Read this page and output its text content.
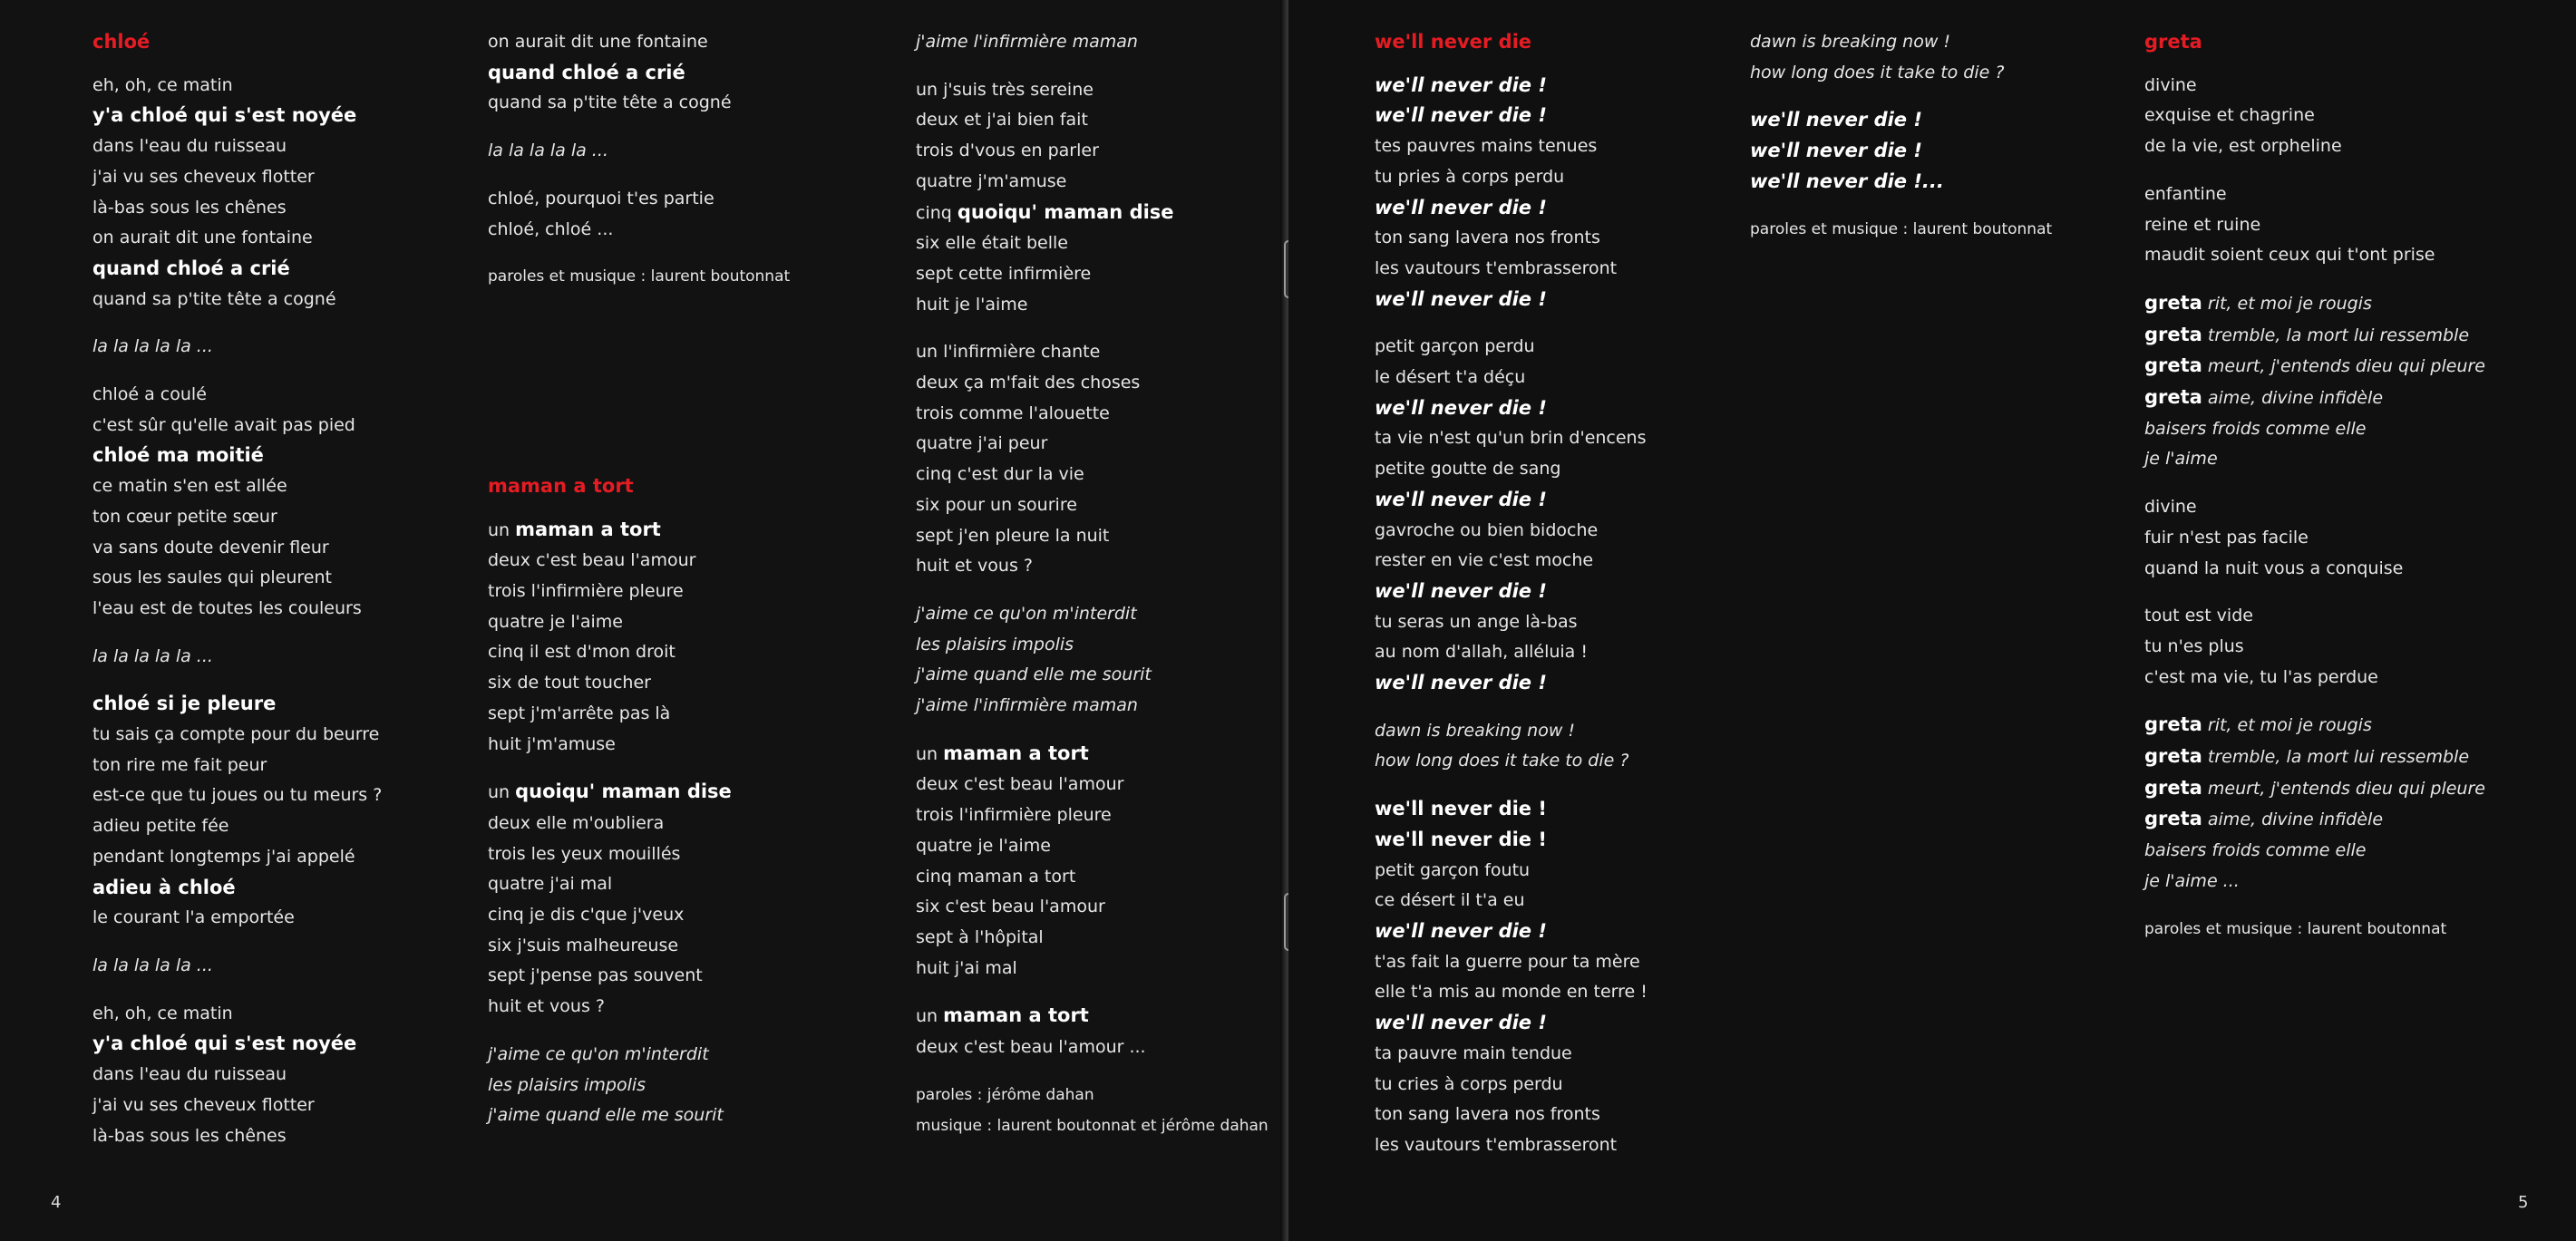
chloé
eh, oh, ce matin
y'a chloé qui s'est noyée
dans l'eau du ruisseau
j'ai vu ses cheveux flotter
là-bas sous les chênes
on aurait dit une fontaine
quand chloé a crié
quand sa p'tite tête a cogné
la la la la la ...
chloé a coulé
c'est sûr qu'elle avait pas pied
chloé ma moitié
ce matin s'en est allée
ton cœur petite sœur
va sans doute devenir fleur
sous les saules qui pleurent
l'eau est de toutes les couleurs
la la la la la ...
chloé si je pleure
tu sais ça compte pour du beurre
ton rire me fait peur
est-ce que tu joues ou tu meurs ?
adieu petite fée
pendant longtemps j'ai appelé
adieu à chloé
le courant l'a emportée
la la la la la ...
eh, oh, ce matin
y'a chloé qui s'est noyée
dans l'eau du ruisseau
j'ai vu ses cheveux flotter
là-bas sous les chênes
on aurait dit une fontaine
quand chloé a crié
quand sa p'tite tête a cogné
la la la la la ...
chloé, pourquoi t'es partie
chloé, chloé ...
paroles et musique : laurent boutonnat
maman a tort
un maman a tort
deux c'est beau l'amour
trois l'infirmière pleure
quatre je l'aime
cinq il est d'mon droit
six de tout toucher
sept j'm'arrête pas là
huit j'm'amuse
un quoiqu' maman dise
deux elle m'oubliera
trois les yeux mouillés
quatre j'ai mal
cinq je dis c'que j'veux
six j'suis malheureuse
sept j'pense pas souvent
huit et vous ?
j'aime ce qu'on m'interdit
les plaisirs impolis
j'aime quand elle me sourit
j'aime l'infirmière maman
un j'suis très sereine
deux et j'ai bien fait
trois d'vous en parler
quatre j'm'amuse
cinq quoiqu' maman dise
six elle était belle
sept cette infirmière
huit je l'aime
un l'infirmière chante
deux ça m'fait des choses
trois comme l'alouette
quatre j'ai peur
cinq c'est dur la vie
six pour un sourire
sept j'en pleure la nuit
huit et vous ?
j'aime ce qu'on m'interdit
les plaisirs impolis
j'aime quand elle me sourit
j'aime l'infirmière maman
un maman a tort
deux c'est beau l'amour
trois l'infirmière pleure
quatre je l'aime
cinq maman a tort
six c'est beau l'amour
sept à l'hôpital
huit j'ai mal
un maman a tort
deux c'est beau l'amour ...
paroles : jérôme dahan
musique : laurent boutonnat et jérôme dahan
4
we'll never die
we'll never die !
we'll never die !
tes pauvres mains tenues
tu pries à corps perdu
we'll never die !
ton sang lavera nos fronts
les vautours t'embrasseront
we'll never die !
petit garçon perdu
le désert t'a déçu
we'll never die !
ta vie n'est qu'un brin d'encens
petite goutte de sang
we'll never die !
gavroche ou bien bidoche
rester en vie c'est moche
we'll never die !
tu seras un ange là-bas
au nom d'allah, alléluia !
we'll never die !
dawn is breaking now !
how long does it take to die ?
we'll never die !
we'll never die !
petit garçon foutu
ce désert il t'a eu
we'll never die !
t'as fait la guerre pour ta mère
elle t'a mis au monde en terre !
we'll never die !
ta pauvre main tendue
tu cries à corps perdu
ton sang lavera nos fronts
les vautours t'embrasseront
dawn is breaking now !
how long does it take to die ?
we'll never die !
we'll never die !
we'll never die !...
paroles et musique : laurent boutonnat
greta
divine
exquise et chagrine
de la vie, est orpheline
enfantine
reine et ruine
maudit soient ceux qui t'ont prise
greta rit, et moi je rougis
greta tremble, la mort lui ressemble
greta meurt, j'entends dieu qui pleure
greta aime, divine infidèle
baisers froids comme elle
je l'aime
divine
fuir n'est pas facile
quand la nuit vous a conquise
tout est vide
tu n'es plus
c'est ma vie, tu l'as perdue
greta rit, et moi je rougis
greta tremble, la mort lui ressemble
greta meurt, j'entends dieu qui pleure
greta aime, divine infidèle
baisers froids comme elle
je l'aime ...
paroles et musique : laurent boutonnat
5
